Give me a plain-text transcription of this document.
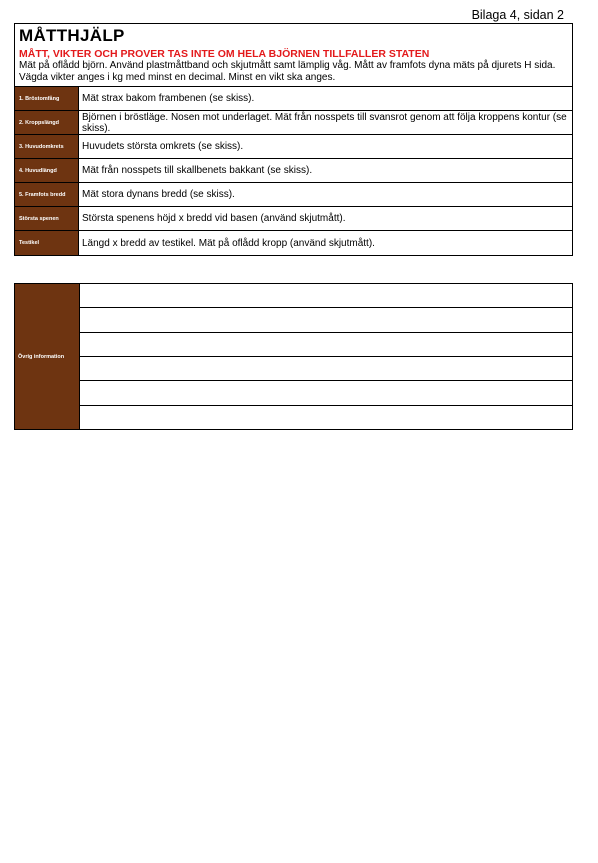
Bilaga 4, sidan 2
MÅTTHJÄLP
MÅTT, VIKTER OCH PROVER TAS INTE OM HELA BJÖRNEN TILLFALLER STATEN
Mät på oflådd björn. Använd plastmåttband och skjutmått samt lämplig våg. Mått av framfots dyna mäts på djurets H sida. Vägda vikter anges i kg med minst en decimal. Minst en vikt ska anges.
1. Bröstomfång	Mät strax bakom frambenen (se skiss).
2. Kroppslängd	Björnen i bröstläge. Nosen mot underlaget. Mät från nosspets till svansrot genom att följa kroppens kontur (se skiss).
3. Huvudomkrets	Huvudets största omkrets (se skiss).
4. Huvudlängd	Mät från nosspets till skallbenets bakkant (se skiss).
5. Framfots bredd	Mät stora dynans bredd (se skiss).
Största spenen	Största spenens höjd x bredd vid basen (använd skjutmått).
Testikel	Längd x bredd av testikel. Mät på oflådd kropp (använd skjutmått).
Övrig information
